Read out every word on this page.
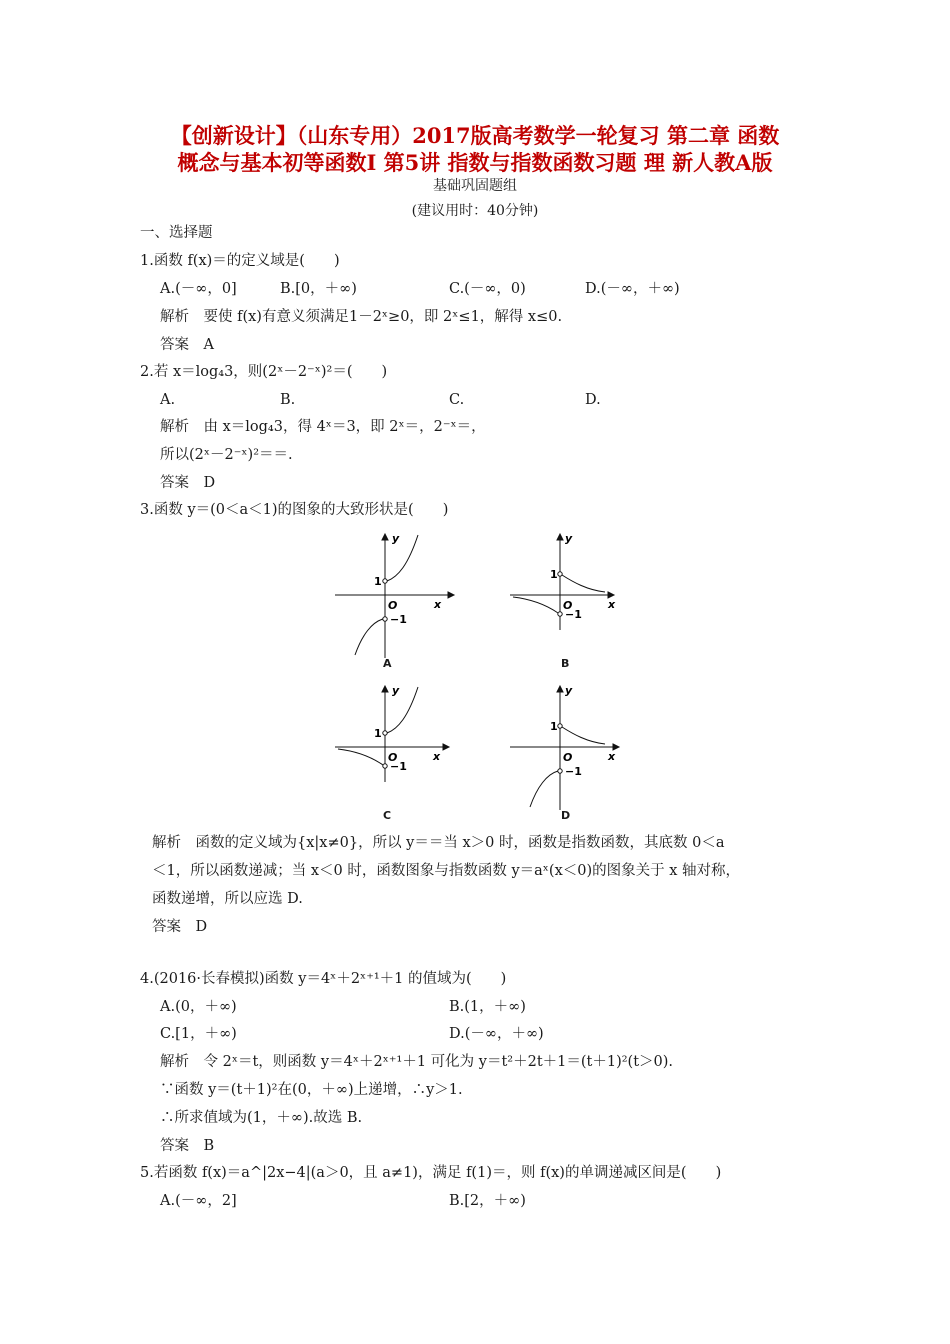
【创新设计】（山东专用）2017版高考数学一轮复习 第二章 函数
概念与基本初等函数Ⅰ 第5讲 指数与指数函数习题 理 新人教A版
基础巩固题组
(建议用时：40分钟)
一、选择题
1.函数 f(x)＝的定义域是(　　)
A.(－∞，0]	B.[0，＋∞)	C.(－∞，0)	D.(－∞，＋∞)
解析　要使 f(x)有意义须满足1－2ˣ≥0，即 2ˣ≤1，解得 x≤0.
答案　A
2.若 x＝log₄3，则(2ˣ－2⁻ˣ)²＝(　　)
A.	B.	C.	D.
解析　由 x＝log₄3，得 4ˣ＝3，即 2ˣ＝，2⁻ˣ＝，
所以(2ˣ－2⁻ˣ)²＝＝.
答案　D
3.函数 y＝(0＜a＜1)的图象的大致形状是(　　)
y
x
O
1
−1
A
y
x
O
1
−1
B
y
x
O
1
−1
C
y
x
O
1
−1
D
解析　函数的定义域为{x|x≠0}，所以 y＝＝当 x＞0 时，函数是指数函数，其底数 0＜a
＜1，所以函数递减；当 x＜0 时，函数图象与指数函数 y＝aˣ(x＜0)的图象关于 x 轴对称，
函数递增，所以应选 D.
答案　D
4.(2016·长春模拟)函数 y＝4ˣ＋2ˣ⁺¹＋1 的值域为(　　)
A.(0，＋∞)	B.(1，＋∞)
C.[1，＋∞)	D.(－∞，＋∞)
解析　令 2ˣ＝t，则函数 y＝4ˣ＋2ˣ⁺¹＋1 可化为 y＝t²＋2t＋1＝(t＋1)²(t＞0).
∵函数 y＝(t＋1)²在(0，＋∞)上递增，∴y＞1.
∴所求值域为(1，＋∞).故选 B.
答案　B
5.若函数 f(x)＝a^|2x−4|(a＞0，且 a≠1)，满足 f(1)＝，则 f(x)的单调递减区间是(　　)
A.(－∞，2]	B.[2，＋∞)
